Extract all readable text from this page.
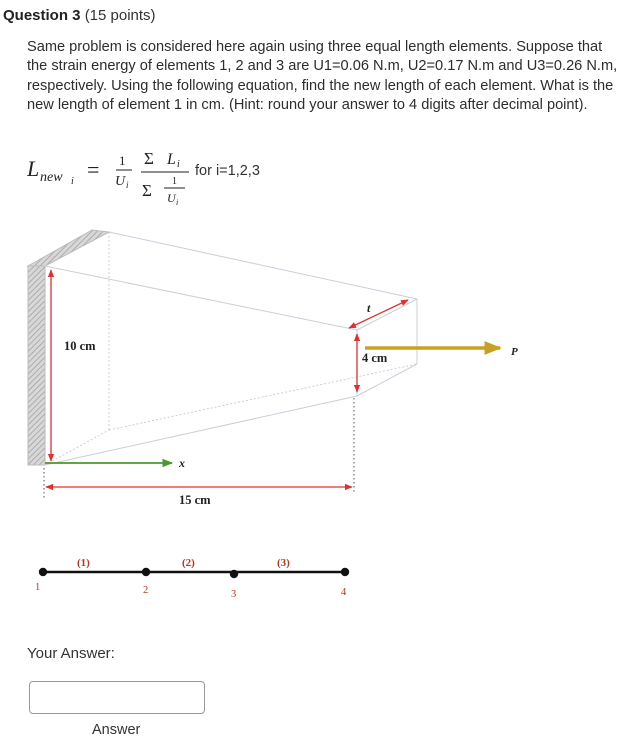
Question 3 (15 points)
Same problem is considered here again using three equal length elements. Suppose that the strain energy of elements 1, 2 and 3 are U1=0.06 N.m, U2=0.17 N.m and U3=0.26 N.m, respectively. Using the following equation, find the new length of each element. What is the new length of element 1 in cm. (Hint: round your answer to 4 digits after decimal point).
L new i = 1
U i
Σ L i
Σ 1
U i
for i=1,2,3
10 cm
4 cm
t
x
15 cm
P
1	2	3	4
(1)	(2)	(3)
Your Answer:
Answer
